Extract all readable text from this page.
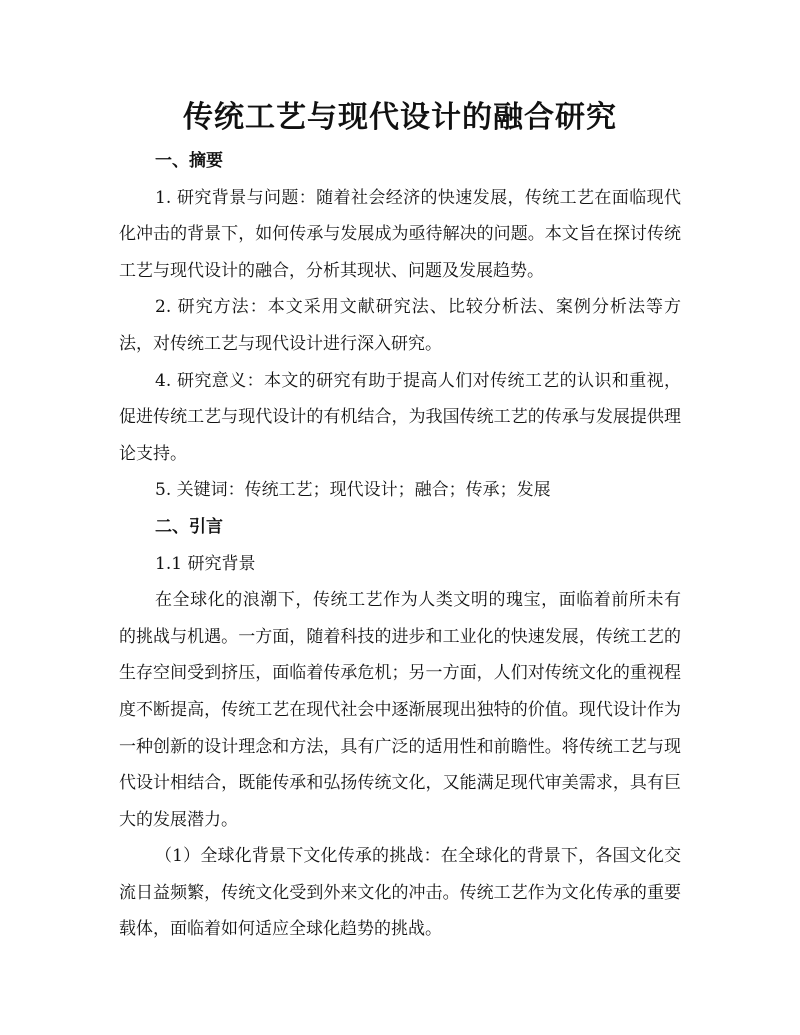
传统工艺与现代设计的融合研究

一、摘要

1. 研究背景与问题：随着社会经济的快速发展，传统工艺在面临现代化冲击的背景下，如何传承与发展成为亟待解决的问题。本文旨在探讨传统工艺与现代设计的融合，分析其现状、问题及发展趋势。

2. 研究方法：本文采用文献研究法、比较分析法、案例分析法等方法，对传统工艺与现代设计进行深入研究。

4. 研究意义：本文的研究有助于提高人们对传统工艺的认识和重视，促进传统工艺与现代设计的有机结合，为我国传统工艺的传承与发展提供理论支持。

5. 关键词：传统工艺；现代设计；融合；传承；发展

二、引言

1.1 研究背景

在全球化的浪潮下，传统工艺作为人类文明的瑰宝，面临着前所未有的挑战与机遇。一方面，随着科技的进步和工业化的快速发展，传统工艺的生存空间受到挤压，面临着传承危机；另一方面，人们对传统文化的重视程度不断提高，传统工艺在现代社会中逐渐展现出独特的价值。现代设计作为一种创新的设计理念和方法，具有广泛的适用性和前瞻性。将传统工艺与现代设计相结合，既能传承和弘扬传统文化，又能满足现代审美需求，具有巨大的发展潜力。

（1）全球化背景下文化传承的挑战：在全球化的背景下，各国文化交流日益频繁，传统文化受到外来文化的冲击。传统工艺作为文化传承的重要载体，面临着如何适应全球化趋势的挑战。
